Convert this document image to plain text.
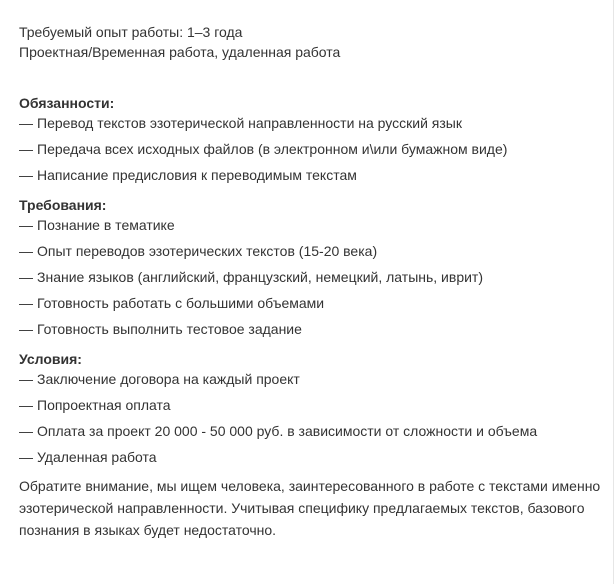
Требуемый опыт работы: 1–3 года
Проектная/Временная работа, удаленная работа
Обязанности:
— Перевод текстов эзотерической направленности на русский язык
— Передача всех исходных файлов (в электронном и\или бумажном виде)
— Написание предисловия к переводимым текстам
Требования:
— Познание в тематике
— Опыт переводов эзотерических текстов (15-20 века)
— Знание языков (английский, французский, немецкий, латынь, иврит)
— Готовность работать с большими объемами
— Готовность выполнить тестовое задание
Условия:
— Заключение договора на каждый проект
— Попроектная оплата
— Оплата за проект 20 000 - 50 000 руб. в зависимости от сложности и объема
— Удаленная работа

Обратите внимание, мы ищем человека, заинтересованного в работе с текстами именно эзотерической направленности. Учитывая специфику предлагаемых текстов, базового познания в языках будет недостаточно.
